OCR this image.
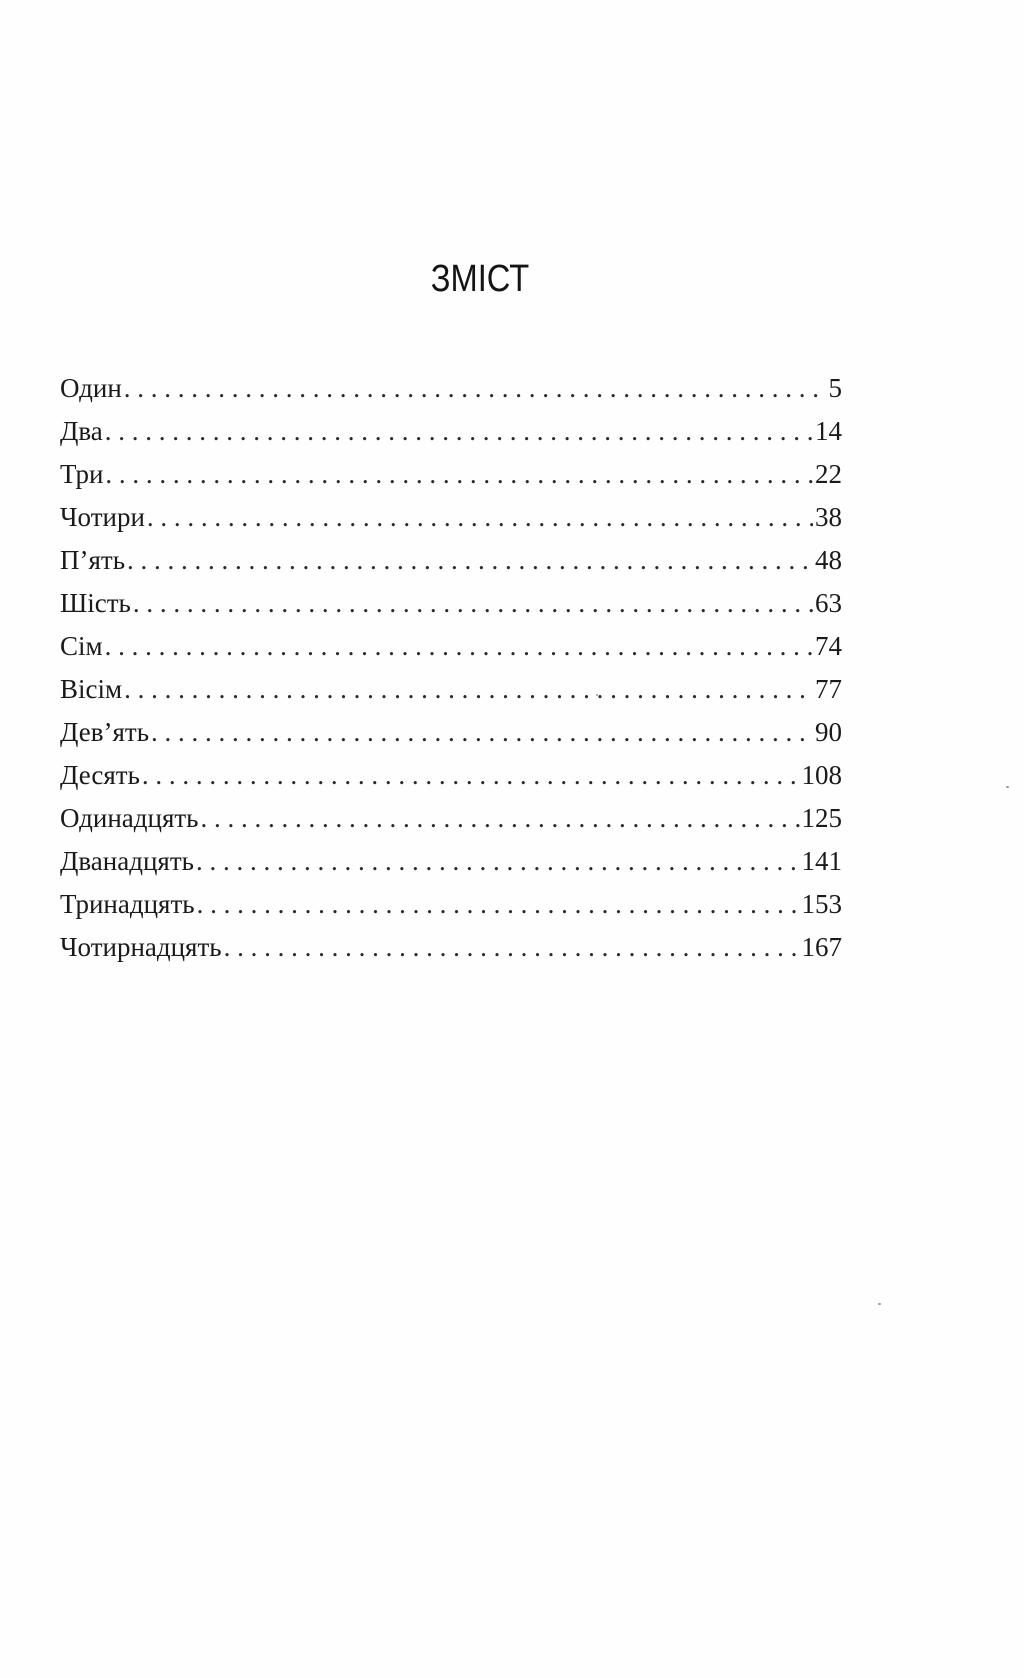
ЗМІСТ
Один . . .	5
Два . . .	14
Три . . .	22
Чотири . . .	38
П’ять . . .	48
Шість . . .	63
Сім . . .	74
Вісім . . .	77
Дев’ять . . .	90
Десять . . .	108
Одинадцять . . .	125
Дванадцять . . .	141
Тринадцять . . .	153
Чотирнадцять . . .	167
